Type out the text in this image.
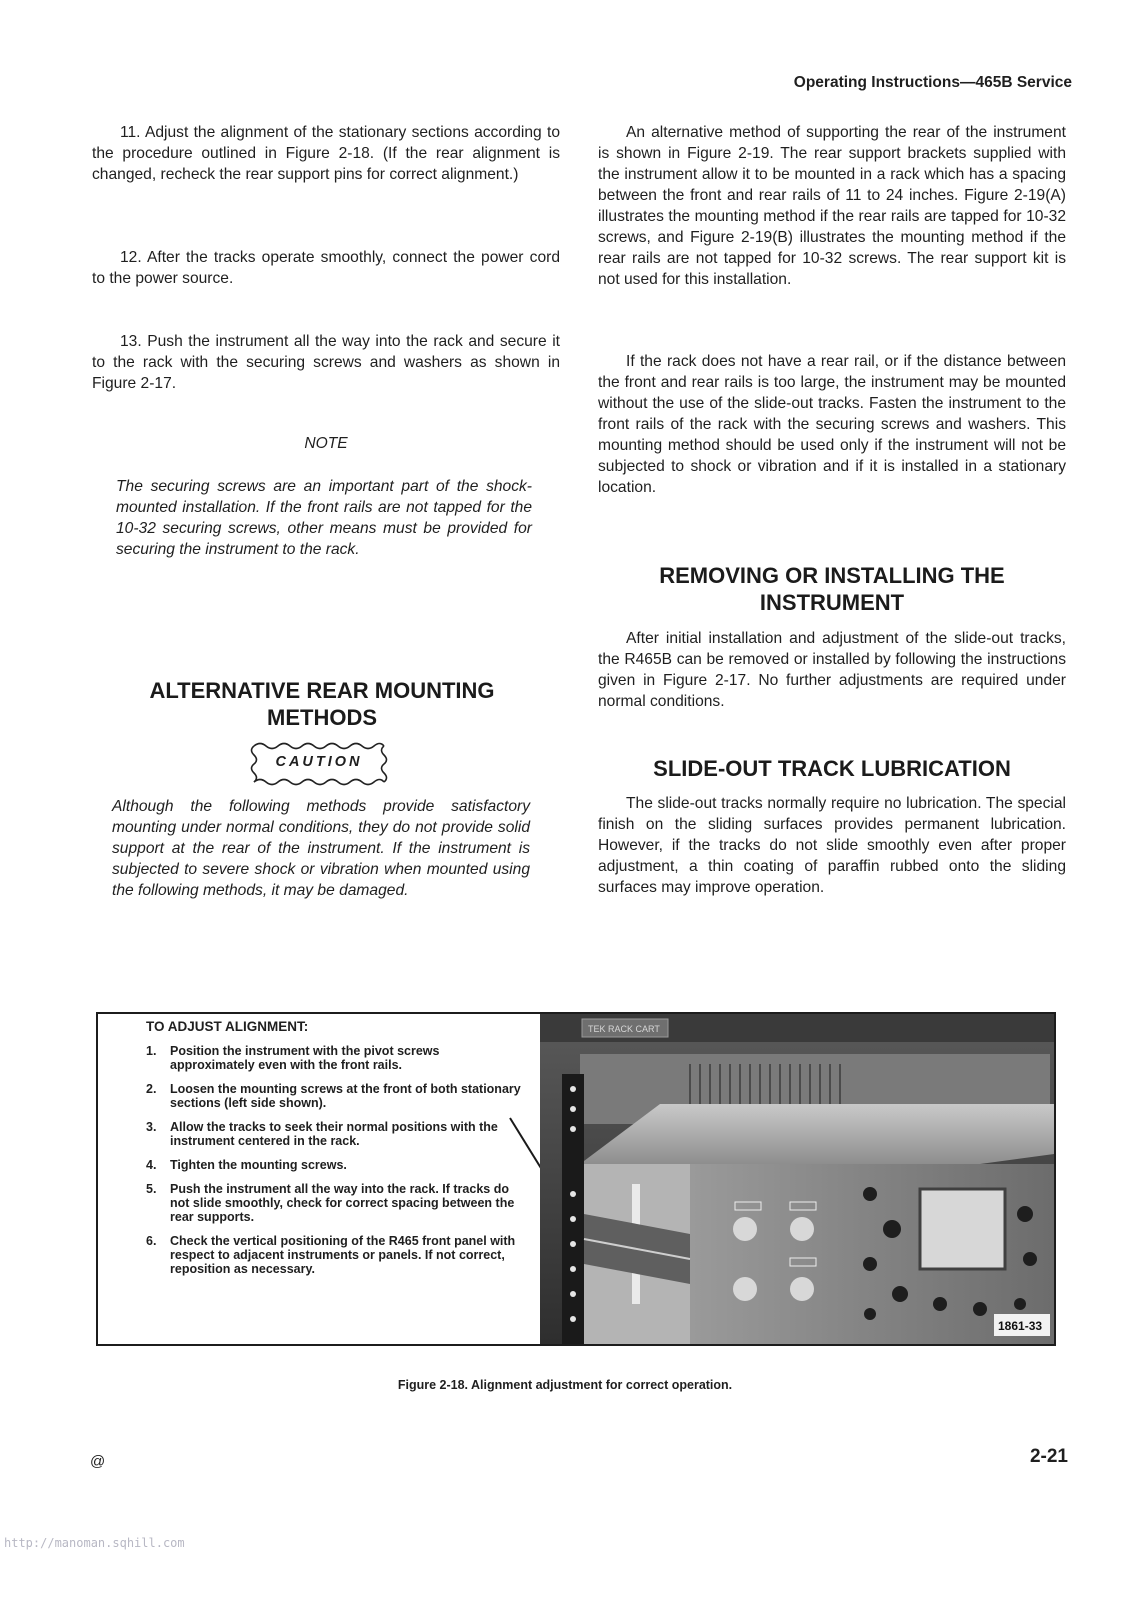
Operating Instructions—465B Service

11. Adjust the alignment of the stationary sections according to the procedure outlined in Figure 2-18. (If the rear alignment is changed, recheck the rear support pins for correct alignment.)

12. After the tracks operate smoothly, connect the power cord to the power source.

13. Push the instrument all the way into the rack and secure it to the rack with the securing screws and washers as shown in Figure 2-17.

NOTE
The securing screws are an important part of the shock-mounted installation. If the front rails are not tapped for the 10-32 securing screws, other means must be provided for securing the instrument to the rack.
ALTERNATIVE REAR MOUNTING METHODS
CAUTION
Although the following methods provide satisfactory mounting under normal conditions, they do not provide solid support at the rear of the instrument. If the instrument is subjected to severe shock or vibration when mounted using the following methods, it may be damaged.

An alternative method of supporting the rear of the instrument is shown in Figure 2-19. The rear support brackets supplied with the instrument allow it to be mounted in a rack which has a spacing between the front and rear rails of 11 to 24 inches. Figure 2-19(A) illustrates the mounting method if the rear rails are tapped for 10-32 screws, and Figure 2-19(B) illustrates the mounting method if the rear rails are not tapped for 10-32 screws. The rear support kit is not used for this installation.

If the rack does not have a rear rail, or if the distance between the front and rear rails is too large, the instrument may be mounted without the use of the slide-out tracks. Fasten the instrument to the front rails of the rack with the securing screws and washers. This mounting method should be used only if the instrument will not be subjected to shock or vibration and if it is installed in a stationary location.

REMOVING OR INSTALLING THE INSTRUMENT

After initial installation and adjustment of the slide-out tracks, the R465B can be removed or installed by following the instructions given in Figure 2-17. No further adjustments are required under normal conditions.

SLIDE-OUT TRACK LUBRICATION

The slide-out tracks normally require no lubrication. The special finish on the sliding surfaces provides permanent lubrication. However, if the tracks do not slide smoothly even after proper adjustment, a thin coating of paraffin rubbed onto the sliding surfaces may improve operation.

TO ADJUST ALIGNMENT:
1. Position the instrument with the pivot screws approximately even with the front rails.
2. Loosen the mounting screws at the front of both stationary sections (left side shown).
3. Allow the tracks to seek their normal positions with the instrument centered in the rack.
4. Tighten the mounting screws.
5. Push the instrument all the way into the rack. If tracks do not slide smoothly, check for correct spacing between the rear supports.
6. Check the vertical positioning of the R465 front panel with respect to adjacent instruments or panels. If not correct, reposition as necessary.
TEK RACK CART
1861-33
Figure 2-18. Alignment adjustment for correct operation.
@	2-21
http://manoman.sqhill.com
